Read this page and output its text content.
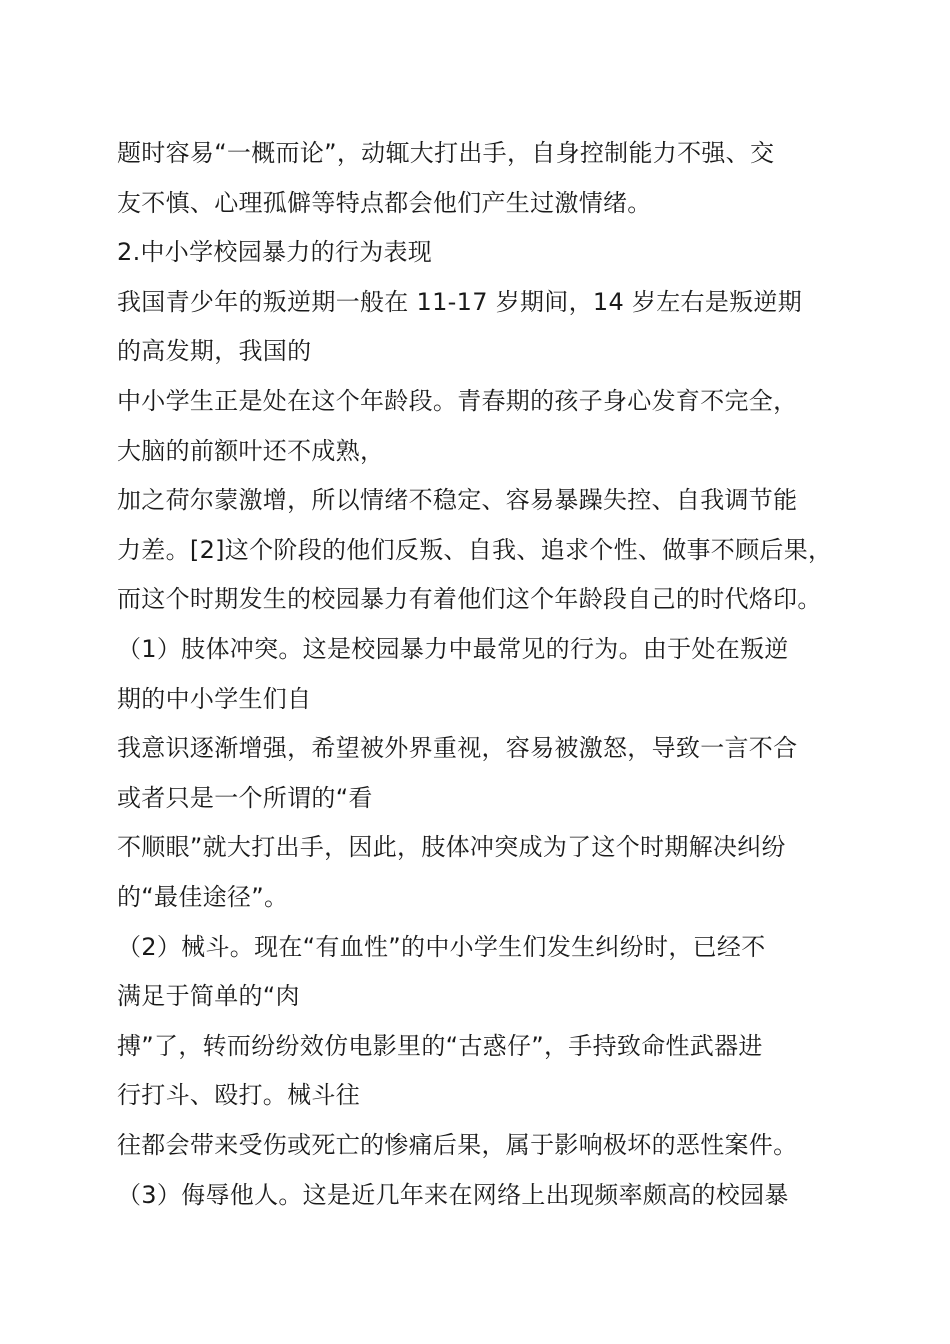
题时容易“一概而论”，动辄大打出手，自身控制能力不强、交
友不慎、心理孤僻等特点都会他们产生过激情绪。
2.中小学校园暴力的行为表现
我国青少年的叛逆期一般在 11-17 岁期间，14 岁左右是叛逆期
的高发期，我国的
中小学生正是处在这个年龄段。青春期的孩子身心发育不完全，
大脑的前额叶还不成熟，
加之荷尔蒙激增，所以情绪不稳定、容易暴躁失控、自我调节能
力差。[2]这个阶段的他们反叛、自我、追求个性、做事不顾后果，
而这个时期发生的校园暴力有着他们这个年龄段自己的时代烙印。
（1）肢体冲突。这是校园暴力中最常见的行为。由于处在叛逆
期的中小学生们自
我意识逐渐增强，希望被外界重视，容易被激怒，导致一言不合
或者只是一个所谓的“看
不顺眼”就大打出手，因此，肢体冲突成为了这个时期解决纠纷
的“最佳途径”。
（2）械斗。现在“有血性”的中小学生们发生纠纷时，已经不
满足于简单的“肉
搏”了，转而纷纷效仿电影里的“古惑仔”，手持致命性武器进
行打斗、殴打。械斗往
往都会带来受伤或死亡的惨痛后果，属于影响极坏的恶性案件。
（3）侮辱他人。这是近几年来在网络上出现频率颇高的校园暴
